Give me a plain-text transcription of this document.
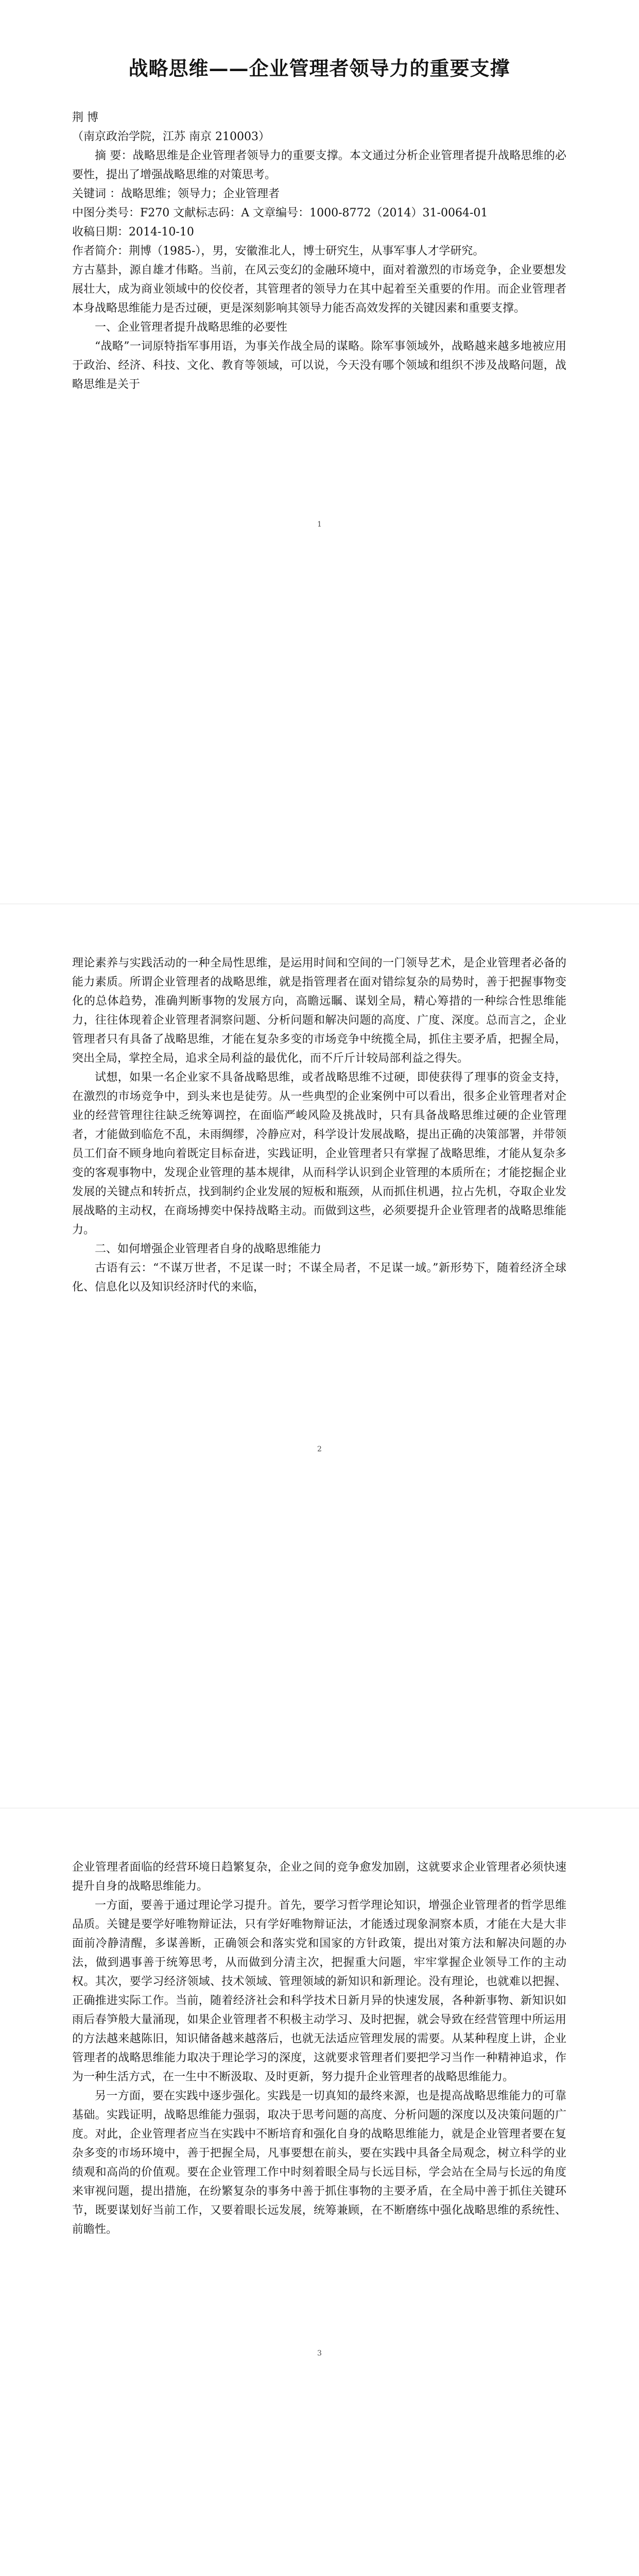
战略思维——企业管理者领导力的重要支撑

荆 博

（南京政治学院，江苏 南京 210003）

摘 要：战略思维是企业管理者领导力的重要支撑。本文通过分析企业管理者提升战略思维的必要性，提出了增强战略思维的对策思考。

关键词 ：战略思维；领导力；企业管理者

中图分类号：F270 文献标志码：A 文章编号：1000-8772（2014）31-0064-01

收稿日期：2014-10-10

作者简介：荆博（1985-），男，安徽淮北人，博士研究生，从事军事人才学研究。

方古墓卦，源自雄才伟略。当前，在风云变幻的金融环境中，面对着激烈的市场竞争，企业要想发展壮大，成为商业领域中的佼佼者，其管理者的领导力在其中起着至关重要的作用。而企业管理者本身战略思维能力是否过硬，更是深刻影响其领导力能否高效发挥的关键因素和重要支撑。

一、企业管理者提升战略思维的必要性

“战略”一词原特指军事用语，为事关作战全局的谋略。除军事领域外，战略越来越多地被应用于政治、经济、科技、文化、教育等领域，可以说，今天没有哪个领域和组织不涉及战略问题，战略思维是关于

1

理论素养与实践活动的一种全局性思维，是运用时间和空间的一门领导艺术，是企业管理者必备的能力素质。所谓企业管理者的战略思维，就是指管理者在面对错综复杂的局势时，善于把握事物变化的总体趋势，准确判断事物的发展方向，高瞻远瞩、谋划全局，精心筹措的一种综合性思维能力，往往体现着企业管理者洞察问题、分析问题和解决问题的高度、广度、深度。总而言之，企业管理者只有具备了战略思维，才能在复杂多变的市场竞争中统揽全局，抓住主要矛盾，把握全局，突出全局，掌控全局，追求全局利益的最优化，而不斤斤计较局部利益之得失。

试想，如果一名企业家不具备战略思维，或者战略思维不过硬，即使获得了理事的资金支持，在激烈的市场竞争中，到头来也是徒劳。从一些典型的企业案例中可以看出，很多企业管理者对企业的经营管理往往缺乏统筹调控，在面临严峻风险及挑战时，只有具备战略思维过硬的企业管理者，才能做到临危不乱，未雨绸缪，冷静应对，科学设计发展战略，提出正确的决策部署，并带领员工们奋不顾身地向着既定目标奋进，实践证明，企业管理者只有掌握了战略思维，才能从复杂多变的客观事物中，发现企业管理的基本规律，从而科学认识到企业管理的本质所在；才能挖掘企业发展的关键点和转折点，找到制约企业发展的短板和瓶颈，从而抓住机遇，拉占先机，夺取企业发展战略的主动权，在商场搏奕中保持战略主动。而做到这些，必须要提升企业管理者的战略思维能力。

二、如何增强企业管理者自身的战略思维能力

古语有云：“不谋万世者，不足谋一时；不谋全局者，不足谋一域。”新形势下，随着经济全球化、信息化以及知识经济时代的来临，

2

企业管理者面临的经营环境日趋繁复杂，企业之间的竞争愈发加剧，这就要求企业管理者必须快速提升自身的战略思维能力。

一方面，要善于通过理论学习提升。首先，要学习哲学理论知识，增强企业管理者的哲学思维品质。关键是要学好唯物辩证法，只有学好唯物辩证法，才能透过现象洞察本质，才能在大是大非面前冷静清醒，多谋善断，正确领会和落实党和国家的方针政策，提出对策方法和解决问题的办法，做到遇事善于统筹思考，从而做到分清主次，把握重大问题，牢牢掌握企业领导工作的主动权。其次，要学习经济领域、技术领域、管理领域的新知识和新理论。没有理论，也就难以把握、正确推进实际工作。当前，随着经济社会和科学技术日新月异的快速发展，各种新事物、新知识如雨后春笋般大量涌现，如果企业管理者不积极主动学习、及时把握，就会导致在经营管理中所运用的方法越来越陈旧，知识储备越来越落后，也就无法适应管理发展的需要。从某种程度上讲，企业管理者的战略思维能力取决于理论学习的深度，这就要求管理者们要把学习当作一种精神追求，作为一种生活方式，在一生中不断汲取、及时更新，努力提升企业管理者的战略思维能力。

另一方面，要在实践中逐步强化。实践是一切真知的最终来源，也是提高战略思维能力的可靠基础。实践证明，战略思维能力强弱，取决于思考问题的高度、分析问题的深度以及决策问题的广度。对此，企业管理者应当在实践中不断培育和强化自身的战略思维能力，就是企业管理者要在复杂多变的市场环境中，善于把握全局，凡事要想在前头，要在实践中具备全局观念，树立科学的业绩观和高尚的价值观。要在企业管理工作中时刻着眼全局与长远目标，学会站在全局与长远的角度来审视问题，提出措施，在纷繁复杂的事务中善于抓住事物的主要矛盾，在全局中善于抓住关键环节，既要谋划好当前工作，又要着眼长远发展，统筹兼顾，在不断磨练中强化战略思维的系统性、前瞻性。

3
